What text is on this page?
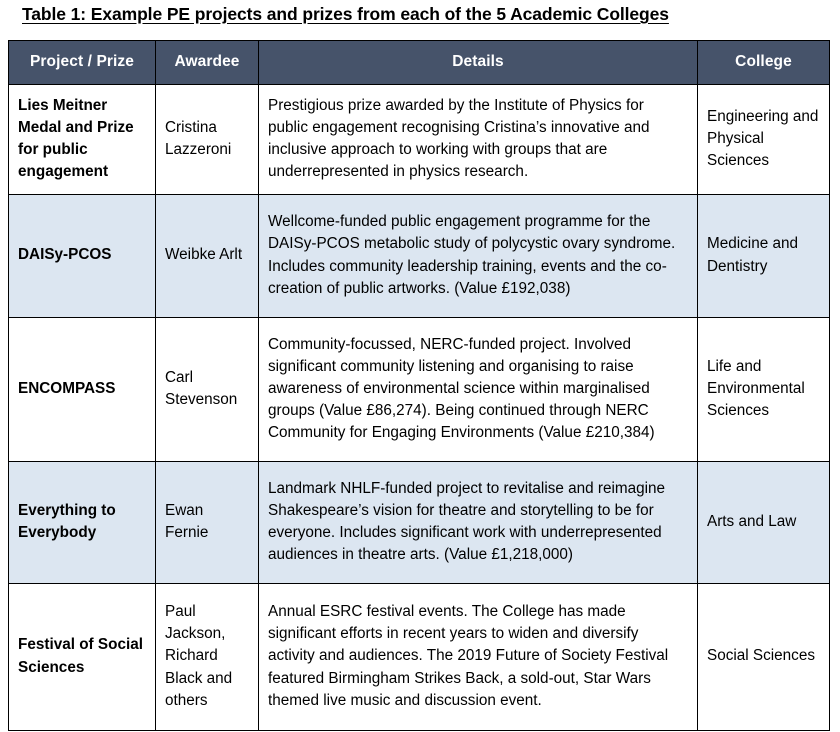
Table 1: Example PE projects and prizes from each of the 5 Academic Colleges
Project / Prize	Awardee	Details	College
Lies Meitner Medal and Prize for public engagement	Cristina Lazzeroni	Prestigious prize awarded by the Institute of Physics for public engagement recognising Cristina’s innovative and inclusive approach to working with groups that are underrepresented in physics research.	Engineering and Physical Sciences
DAISy-PCOS	Weibke Arlt	Wellcome-funded public engagement programme for the DAISy-PCOS metabolic study of polycystic ovary syndrome. Includes community leadership training, events and the co-creation of public artworks. (Value £192,038)	Medicine and Dentistry
ENCOMPASS	Carl Stevenson	Community-focussed, NERC-funded project. Involved significant community listening and organising to raise awareness of environmental science within marginalised groups (Value £86,274). Being continued through NERC Community for Engaging Environments (Value £210,384)	Life and Environmental Sciences
Everything to Everybody	Ewan Fernie	Landmark NHLF-funded project to revitalise and reimagine Shakespeare’s vision for theatre and storytelling to be for everyone. Includes significant work with underrepresented audiences in theatre arts. (Value £1,218,000)	Arts and Law
Festival of Social Sciences	Paul Jackson, Richard Black and others	Annual ESRC festival events. The College has made significant efforts in recent years to widen and diversify activity and audiences. The 2019 Future of Society Festival featured Birmingham Strikes Back, a sold-out, Star Wars themed live music and discussion event.	Social Sciences
